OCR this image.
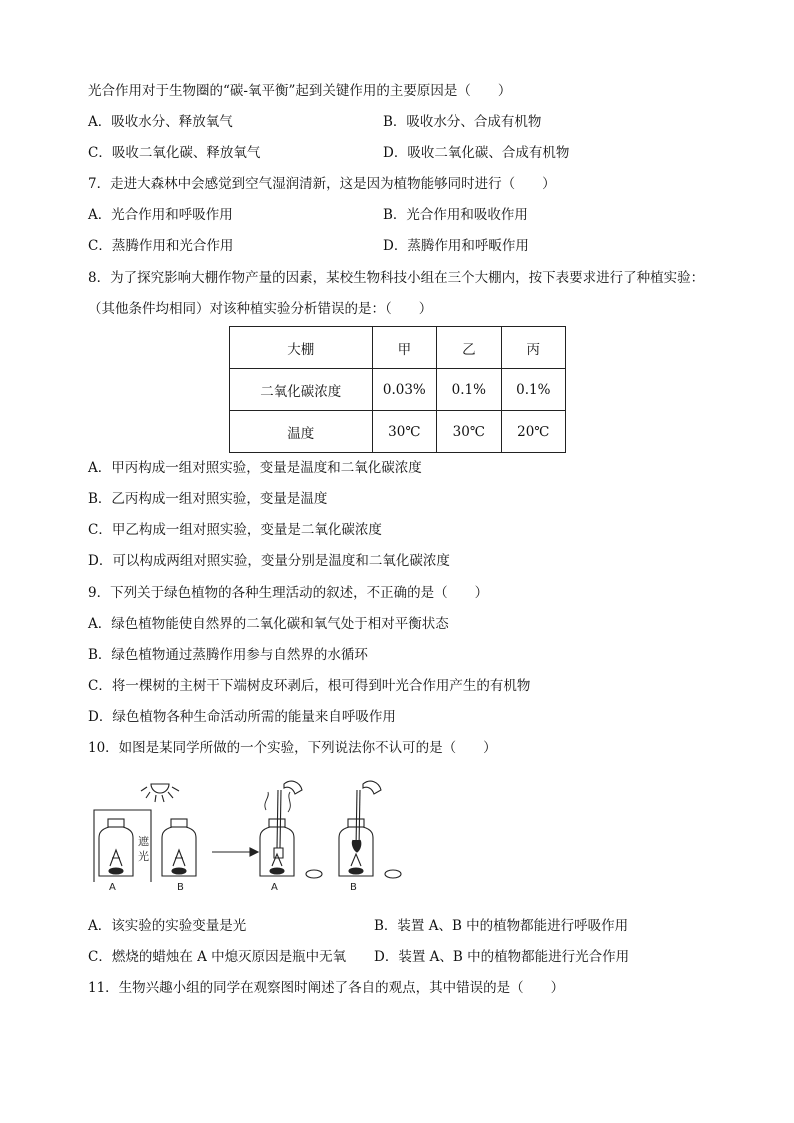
光合作用对于生物圈的“碳-氧平衡”起到关键作用的主要原因是（　　）
A．吸收水分、释放氧气	B．吸收水分、合成有机物
C．吸收二氧化碳、释放氧气	D．吸收二氧化碳、合成有机物
7．走进大森林中会感觉到空气湿润清新，这是因为植物能够同时进行（　　）
A．光合作用和呼吸作用	B．光合作用和吸收作用
C．蒸腾作用和光合作用	D．蒸腾作用和呼畈作用
8．为了探究影响大棚作物产量的因素，某校生物科技小组在三个大棚内，按下表要求进行了种植实验：
（其他条件均相同）对该种植实验分析错误的是：（　　）
大棚	甲	乙	丙
二氧化碳浓度	0.03%	0.1%	0.1%
温度	30℃	30℃	20℃
A．甲丙构成一组对照实验，变量是温度和二氧化碳浓度
B．乙丙构成一组对照实验，变量是温度
C．甲乙构成一组对照实验，变量是二氧化碳浓度
D．可以构成两组对照实验，变量分别是温度和二氧化碳浓度
9．下列关于绿色植物的各种生理活动的叙述，不正确的是（　　）
A．绿色植物能使自然界的二氧化碳和氧气处于相对平衡状态
B．绿色植物通过蒸腾作用参与自然界的水循环
C．将一棵树的主树干下端树皮环剥后，根可得到叶光合作用产生的有机物
D．绿色植物各种生命活动所需的能量来自呼吸作用
10．如图是某同学所做的一个实验，下列说法你不认可的是（　　）
遮
光
A	B	A	B
A．该实验的实验变量是光	B．装置 A、B 中的植物都能进行呼吸作用
C．燃烧的蜡烛在 A 中熄灭原因是瓶中无氧 D．装置 A、B 中的植物都能进行光合作用
11．生物兴趣小组的同学在观察图时阐述了各自的观点，其中错误的是（　　）
